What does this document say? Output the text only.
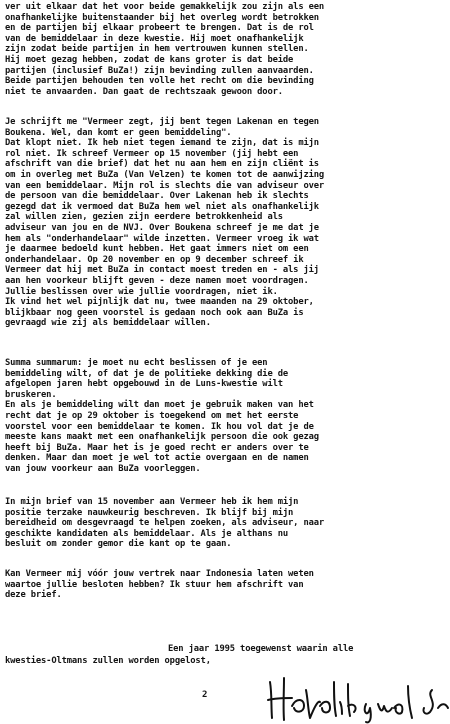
ver uit elkaar dat het voor beide gemakkelijk zou zijn als een
onafhankelijke buitenstaander bij het overleg wordt betrokken
en de partijen bij elkaar probeert te brengen. Dat is de rol
van de bemiddelaar in deze kwestie. Hij moet onafhankelijk
zijn zodat beide partijen in hem vertrouwen kunnen stellen.
Hij moet gezag hebben, zodat de kans groter is dat beide
partijen (inclusief BuZa!) zijn bevinding zullen aanvaarden.
Beide partijen behouden ten volle het recht om die bevinding
niet te anvaarden. Dan gaat de rechtszaak gewoon door.

Je schrijft me "Vermeer zegt, jij bent tegen Lakenan en tegen
Boukena. Wel, dan komt er geen bemiddeling".
Dat klopt niet. Ik heb niet tegen iemand te zijn, dat is mijn
rol niet. Ik schreef Vermeer op 15 november (jij hebt een
afschrift van die brief) dat het nu aan hem en zijn cliënt is
om in overleg met BuZa (Van Velzen) te komen tot de aanwijzing
van een bemiddelaar. Mijn rol is slechts die van adviseur over
de persoon van die bemiddelaar. Over Lakenan heb ik slechts
gezegd dat ik vermoed dat BuZa hem wel niet als onafhankelijk
zal willen zien, gezien zijn eerdere betrokkenheid als
adviseur van jou en de NVJ. Over Boukena schreef je me dat je
hem als "onderhandelaar" wilde inzetten. Vermeer vroeg ik wat
je daarmee bedoeld kunt hebben. Het gaat immers niet om een
onderhandelaar. Op 20 november en op 9 december schreef ik
Vermeer dat hij met BuZa in contact moest treden en - als jij
aan hen voorkeur blijft geven - deze namen moet voordragen.
Jullie beslissen over wie jullie voordragen, niet ik.
Ik vind het wel pijnlijk dat nu, twee maanden na 29 oktober,
blijkbaar nog geen voorstel is gedaan noch ook aan BuZa is
gevraagd wie zij als bemiddelaar willen.

Summa summarum: je moet nu echt beslissen of je een
bemiddeling wilt, of dat je de politieke dekking die de
afgelopen jaren hebt opgebouwd in de Luns-kwestie wilt
bruskeren.
En als je bemiddeling wilt dan moet je gebruik maken van het
recht dat je op 29 oktober is toegekend om met het eerste
voorstel voor een bemiddelaar te komen. Ik hou vol dat je de
meeste kans maakt met een onafhankelijk persoon die ook gezag
heeft bij BuZa. Maar het is je goed recht er anders over te
denken. Maar dan moet je wel tot actie overgaan en de namen
van jouw voorkeur aan BuZa voorleggen.

In mijn brief van 15 november aan Vermeer heb ik hem mijn
positie terzake nauwkeurig beschreven. Ik blijf bij mijn
bereidheid om desgevraagd te helpen zoeken, als adviseur, naar
geschikte kandidaten als bemiddelaar. Als je althans nu
besluit om zonder gemor die kant op te gaan.

Kan Vermeer mij vóór jouw vertrek naar Indonesia laten weten
waartoe jullie besloten hebben? Ik stuur hem afschrift van
deze brief.

Een jaar 1995 toegewenst waarin alle
kwesties-Oltmans zullen worden opgelost,
2
